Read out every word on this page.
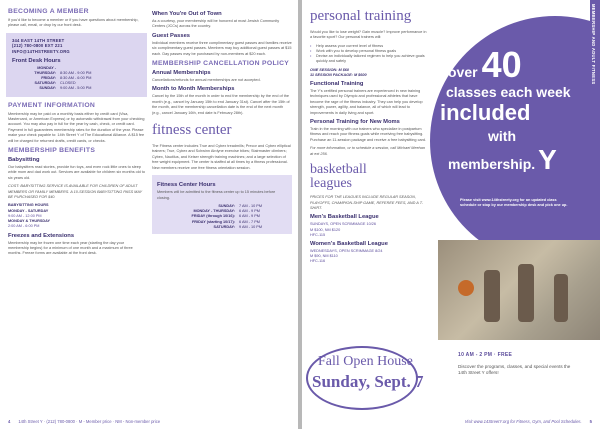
BECOMING A MEMBER

If you'd like to become a member or if you have questions about membership, please call, email, or drop by our front desk.

344 EAST 14TH STREET
(212) 780-0800 EXT 221
INFO@14THSTREETY.ORG
Front Desk Hours
MONDAY -
THURSDAY:	8:30 AM - 9:00 PM
FRIDAY:	8:30 AM - 6:00 PM
SATURDAY:	CLOSED
SUNDAY:	9:00 AM - 5:00 PM
PAYMENT INFORMATION

Membership may be paid on a monthly basis either by credit card (Visa, Mastercard, or American Express) or by automatic withdrawal from your checking account. You may also pay in full for the year by cash, check, or credit card. Payment in full guarantees membership rates for the duration of the year. Please make your check payable to: 14th Street Y of The Educational Alliance. A $15 fee will be charged for returned drafts, credit cards, or checks.

MEMBERSHIP BENEFITS
Babysitting

Our babysitters read stories, provide fun toys, and even rock little ones to sleep while mom and dad work out. Services are available for children six months old to six years old.

COST: BABYSITTING SERVICE IS AVAILABLE FOR CHILDREN OF ADULT MEMBERS OR FAMILY MEMBERS. A 10-SESSION BABYSITTING PASS MAY BE PURCHASED FOR $40.

BABYSITTING HOURS
MONDAY - SATURDAY
9:00 AM - 12:00 PM
MONDAY & THURSDAY
2:00 AM - 6:00 PM
Freezes and Extensions

Membership may be frozen one time each year (starting the day your membership begins) for a minimum of one month and a maximum of three months. Freeze forms are available at the front desk.

When You're Out of Town

As a courtesy, your membership will be honored at most Jewish Community Centers (JCCs) across the country.

Guest Passes

Individual members receive three complimentary guest passes and families receive six complimentary guest passes. Members may buy additional guest passes at $15 each. Day passes may be purchased by non-members at $20 each.

MEMBERSHIP CANCELLATION POLICY
Annual Memberships

Cancellations/refunds for annual memberships are not accepted.

Month to Month Memberships

Cancel by the 15th of the month in order to end the membership by the end of the month (e.g., cancel by January 15th to end January 31st). Cancel after the 15th of the month, and the membership cancellation date is the end of the next month (e.g., cancel January 16th, end date is February 28th).

fitness center

The Fitness center includes True and Cybex treadmills; Precor and Cybex elliptical trainers; True, Cybex and Schwinn Airdyne exercise bikes; Stairmaster climbers; Cybex, Nautilus, and Keiser strength training machines; and a large selection of free weight equipment. The center is staffed at all times by a fitness professional. New members receive one free fitness orientation session.

Fitness Center Hours

Members will be admitted to the fitness center up to 15 minutes before closing.

SUNDAY:	7 AM - 10 PM
MONDAY - THURSDAY:	6 AM - 9 PM
FRIDAY (through 10/16):	6 AM - 9 PM
FRIDAY (starting 10/17):	6 AM - 7 PM
SATURDAY:	9 AM - 10 PM
4 14th Street Y · (212) 780-0800 · M - Member price · NM - Non-member price
over 40
classes each week
included
with
membership. Y
Please visit www.14thstreety.org for an updated class schedule or stop by our membership desk and pick one up.
MEMBERSHIP AND ADULT FITNESS
personal training

Would you like to lose weight? Gain muscle? Improve performance in a favorite sport? Our personal trainers will:

• Help assess your current level of fitness
• Work with you to develop personal fitness goals
• Devise an individually tailored regimen to help you achieve goals quickly and safely
ONE SESSION: M $60
11 SESSION PACKAGE: M $600
Functional Training

The Y's certified personal trainers are experienced in new training techniques used by Olympic and professional athletes that have become the rage of the fitness industry. They can help you develop strength, power, agility, and balance, all of which will lead to improvements in daily living and sport.

Personal Training for New Moms

Train in the morning with our trainers who specialize in postpartum fitness and reach your fitness goals while receiving free babysitting. Purchase an 11-session package and receive a free babysitting card.

For more information, or to schedule a session, call Michael Meehan at ext 256.

basketball
leagues

PRICES FOR THE LEAGUES INCLUDE REGULAR SEASON, PLAYOFFS, CHAMPION-SHIP GAME, REFEREE FEES, AND A T-SHIRT.

Men's Basketball League
SUNDAYS, OPEN SCRIMMAGE 10/26
M $100, NM $120
HFC-115
Women's Basketball League
WEDNESDAYS, OPEN SCRIMMAGE 8/24
M $90, NM $110
HFC-116
Fall Open House
Sunday, Sept. 7
10 AM - 2 PM · FREE
Discover the programs, classes, and special events the 14th Street Y offers!
Visit www.14StreetY.org for Fitness, Gym, and Pool Schedules. 5
